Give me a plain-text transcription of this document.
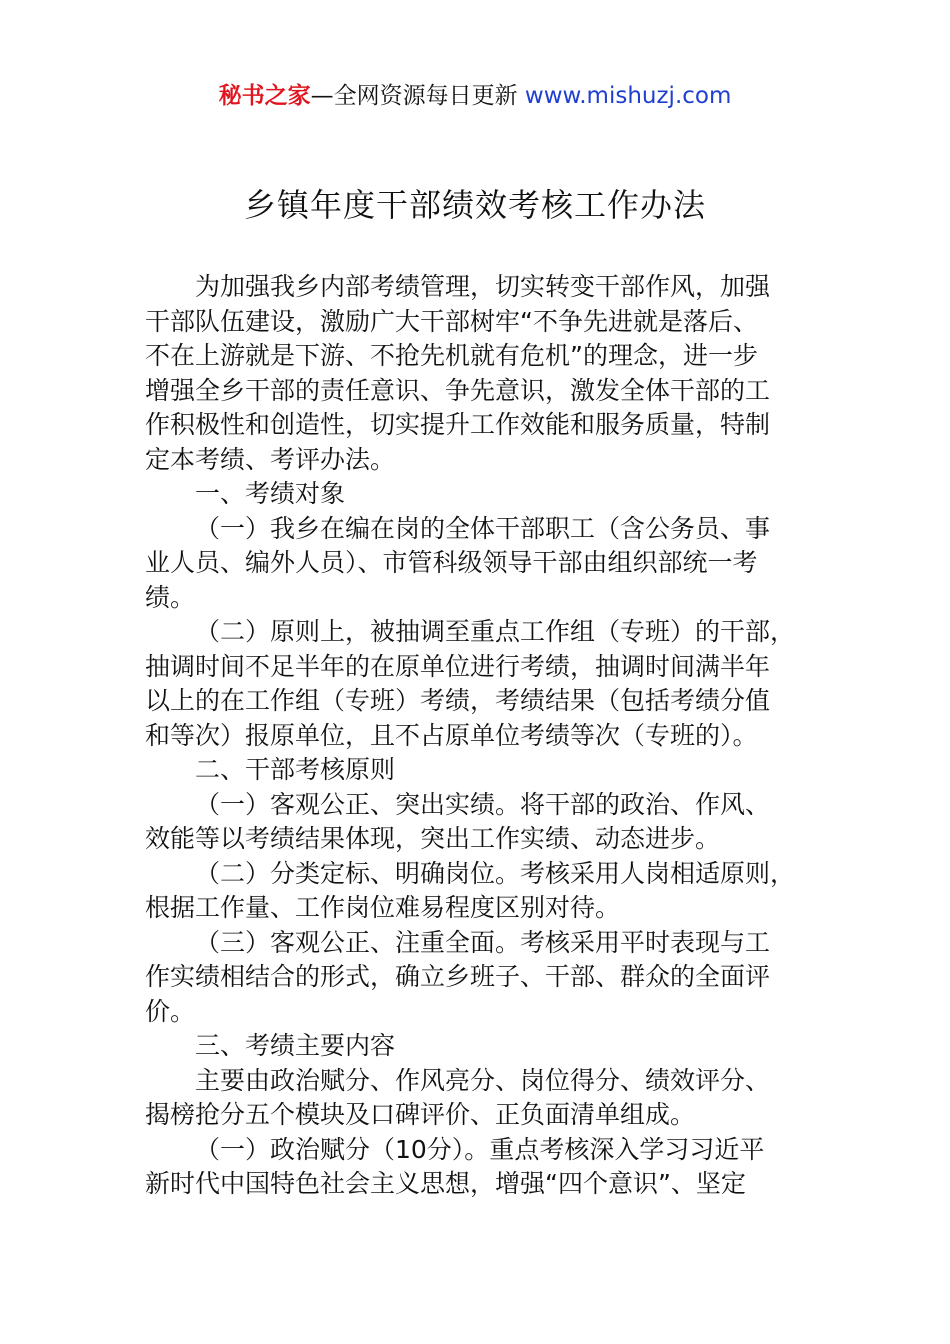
秘书之家—全网资源每日更新 www.mishuzj.com
乡镇年度干部绩效考核工作办法
为加强我乡内部考绩管理，切实转变干部作风，加强
干部队伍建设，激励广大干部树牢“不争先进就是落后、
不在上游就是下游、不抢先机就有危机”的理念，进一步
增强全乡干部的责任意识、争先意识，激发全体干部的工
作积极性和创造性，切实提升工作效能和服务质量，特制
定本考绩、考评办法。
一、考绩对象
（一）我乡在编在岗的全体干部职工（含公务员、事
业人员、编外人员）、市管科级领导干部由组织部统一考
绩。
（二）原则上，被抽调至重点工作组（专班）的干部，
抽调时间不足半年的在原单位进行考绩，抽调时间满半年
以上的在工作组（专班）考绩，考绩结果（包括考绩分值
和等次）报原单位，且不占原单位考绩等次（专班的）。
二、干部考核原则
（一）客观公正、突出实绩。将干部的政治、作风、
效能等以考绩结果体现，突出工作实绩、动态进步。
（二）分类定标、明确岗位。考核采用人岗相适原则，
根据工作量、工作岗位难易程度区别对待。
（三）客观公正、注重全面。考核采用平时表现与工
作实绩相结合的形式，确立乡班子、干部、群众的全面评
价。
三、考绩主要内容
主要由政治赋分、作风亮分、岗位得分、绩效评分、
揭榜抢分五个模块及口碑评价、正负面清单组成。
（一）政治赋分（10分）。重点考核深入学习习近平
新时代中国特色社会主义思想，增强“四个意识”、坚定
